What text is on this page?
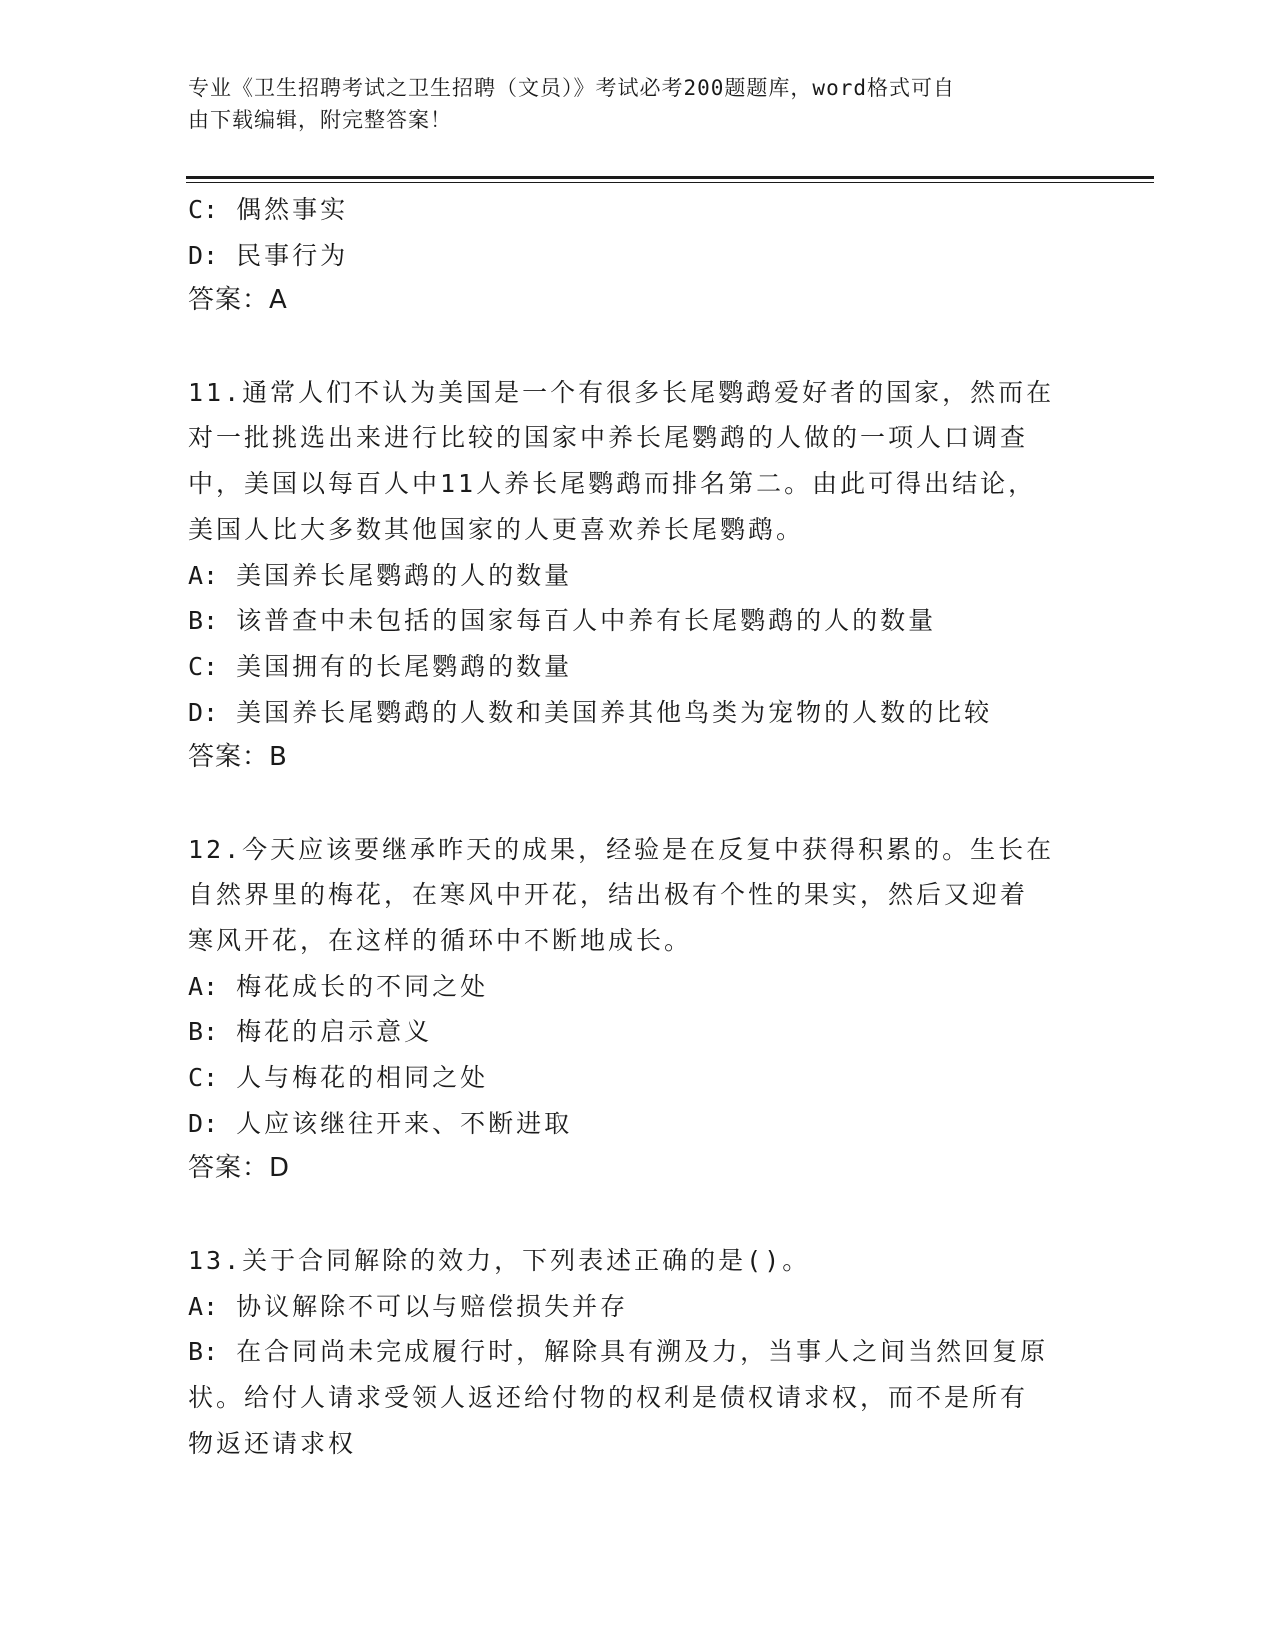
专业《卫生招聘考试之卫生招聘（文员）》考试必考200题题库，word格式可自
由下载编辑，附完整答案！
C: 偶然事实
D: 民事行为
答案：A
11.通常人们不认为美国是一个有很多长尾鹦鹉爱好者的国家，然而在
对一批挑选出来进行比较的国家中养长尾鹦鹉的人做的一项人口调查
中，美国以每百人中11人养长尾鹦鹉而排名第二。由此可得出结论，
美国人比大多数其他国家的人更喜欢养长尾鹦鹉。
A: 美国养长尾鹦鹉的人的数量
B: 该普查中未包括的国家每百人中养有长尾鹦鹉的人的数量
C: 美国拥有的长尾鹦鹉的数量
D: 美国养长尾鹦鹉的人数和美国养其他鸟类为宠物的人数的比较
答案：B
12.今天应该要继承昨天的成果，经验是在反复中获得积累的。生长在
自然界里的梅花，在寒风中开花，结出极有个性的果实，然后又迎着
寒风开花，在这样的循环中不断地成长。
A: 梅花成长的不同之处
B: 梅花的启示意义
C: 人与梅花的相同之处
D: 人应该继往开来、不断进取
答案：D
13.关于合同解除的效力，下列表述正确的是()。
A: 协议解除不可以与赔偿损失并存
B: 在合同尚未完成履行时，解除具有溯及力，当事人之间当然回复原
状。给付人请求受领人返还给付物的权利是债权请求权，而不是所有
物返还请求权
